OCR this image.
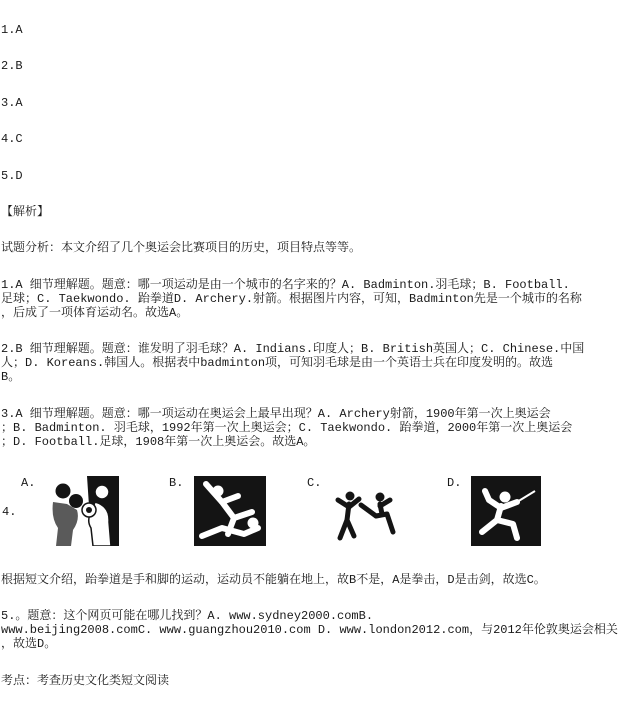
1.A
2.B
3.A
4.C
5.D
【解析】
试题分析：本文介绍了几个奥运会比赛项目的历史，项目特点等等。
1.A 细节理解题。题意：哪一项运动是由一个城市的名字来的？A. Badminton.羽毛球；B. Football.
足球；C. Taekwondo. 跆拳道D. Archery.射箭。根据图片内容，可知，Badminton先是一个城市的名称
，后成了一项体育运动名。故选A。
2.B 细节理解题。题意：谁发明了羽毛球？A. Indians.印度人；B. British英国人；C. Chinese.中国
人；D. Koreans.韩国人。根据表中badminton项，可知羽毛球是由一个英语士兵在印度发明的。故选
B。
3.A 细节理解题。题意：哪一项运动在奥运会上最早出现？A. Archery射箭，1900年第一次上奥运会
；B. Badminton. 羽毛球，1992年第一次上奥运会；C. Taekwondo. 跆拳道，2000年第一次上奥运会
；D. Football.足球，1908年第一次上奥运会。故选A。
4.
A.	B.	C.	D.
根据短文介绍，跆拳道是手和脚的运动，运动员不能躺在地上，故B不是，A是拳击，D是击剑，故选C。
5.。题意：这个网页可能在哪儿找到？A. www.sydney2000.comB.
www.beijing2008.comC. www.guangzhou2010.com D. www.london2012.com，与2012年伦敦奥运会相关
，故选D。
考点：考查历史文化类短文阅读
